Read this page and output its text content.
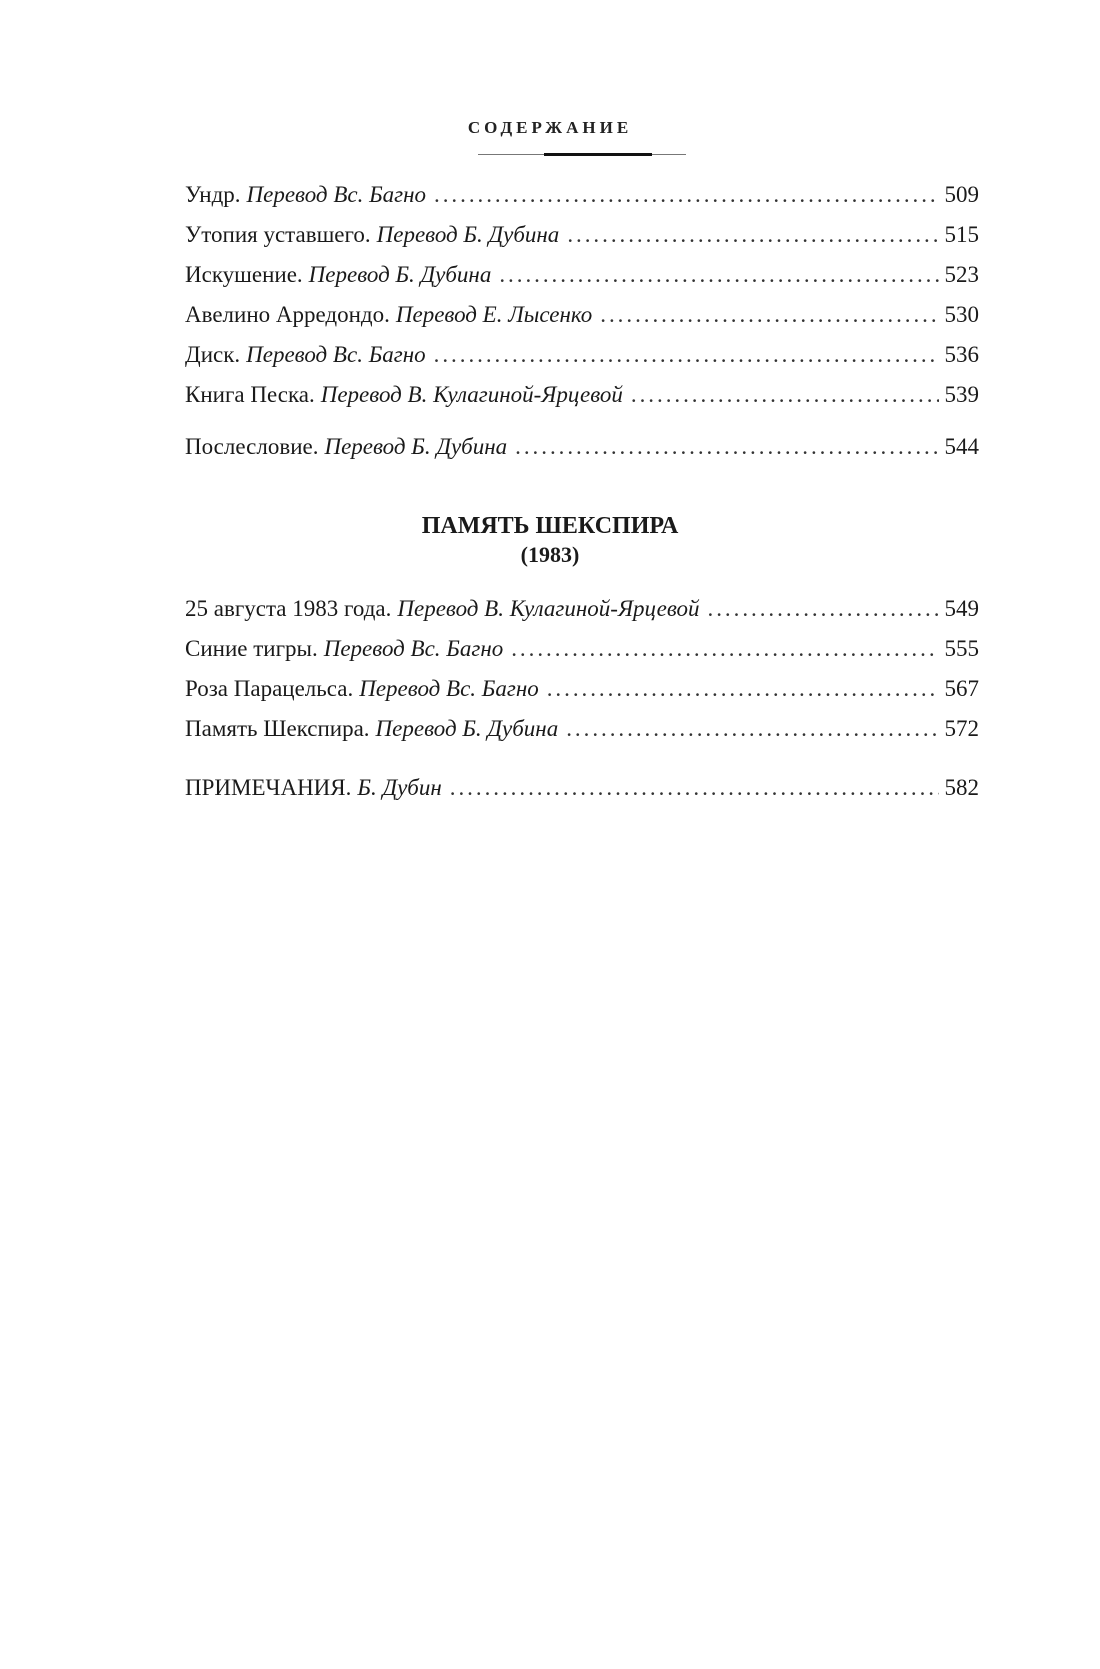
СОДЕРЖАНИЕ
Ундр. Перевод Вс. Багно . . .	509
Утопия уставшего. Перевод Б. Дубина . . .	515
Искушение. Перевод Б. Дубина . . .	523
Авелино Арредондо. Перевод Е. Лысенко . . .	530
Диск. Перевод Вс. Багно . . .	536
Книга Песка. Перевод В. Кулагиной-Ярцевой . . .	539
Послесловие. Перевод Б. Дубина . . .	544
ПАМЯТЬ ШЕКСПИРА
(1983)
25 августа 1983 года. Перевод В. Кулагиной-Ярцевой . . .	549
Синие тигры. Перевод Вс. Багно . . .	555
Роза Парацельса. Перевод Вс. Багно . . .	567
Память Шекспира. Перевод Б. Дубина . . .	572
ПРИМЕЧАНИЯ. Б. Дубин . . .	582
